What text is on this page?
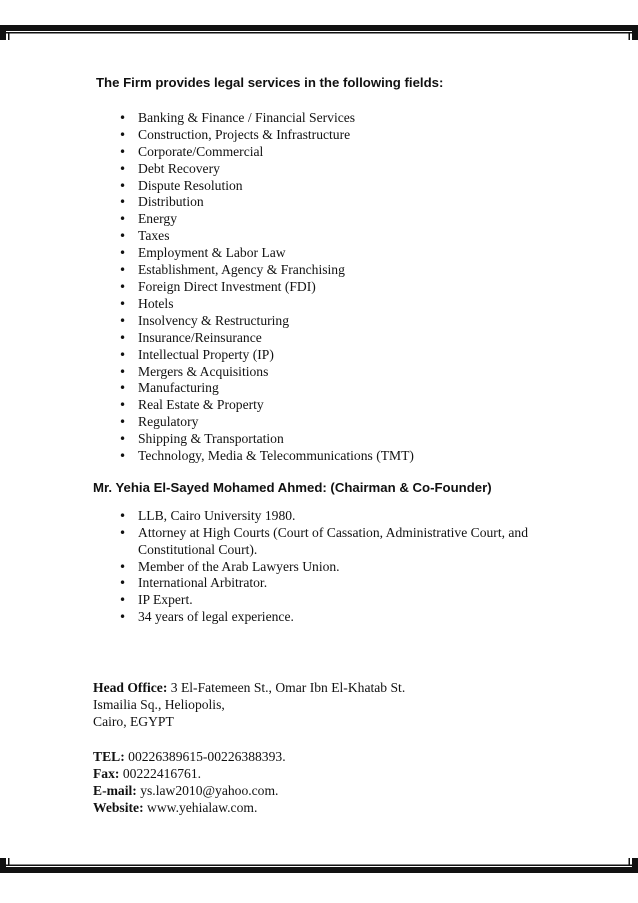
The Firm provides legal services in the following fields:

• Banking & Finance / Financial Services
• Construction, Projects & Infrastructure
• Corporate/Commercial
• Debt Recovery
• Dispute Resolution
• Distribution
• Energy
• Taxes
• Employment & Labor Law
• Establishment, Agency & Franchising
• Foreign Direct Investment (FDI)
• Hotels
• Insolvency & Restructuring
• Insurance/Reinsurance
• Intellectual Property (IP)
• Mergers & Acquisitions
• Manufacturing
• Real Estate & Property
• Regulatory
• Shipping & Transportation
• Technology, Media & Telecommunications (TMT)

Mr. Yehia El-Sayed Mohamed Ahmed: (Chairman & Co-Founder)

• LLB, Cairo University 1980.
• Attorney at High Courts (Court of Cassation, Administrative Court, and Constitutional Court).
• Member of the Arab Lawyers Union.
• International Arbitrator.
• IP Expert.
• 34 years of legal experience.

Head Office: 3 El-Fatemeen St., Omar Ibn El-Khatab St.

Ismailia Sq., Heliopolis,

Cairo, EGYPT

TEL: 00226389615-00226388393.

Fax: 00222416761.

E-mail: ys.law2010@yahoo.com.

Website: www.yehialaw.com.
